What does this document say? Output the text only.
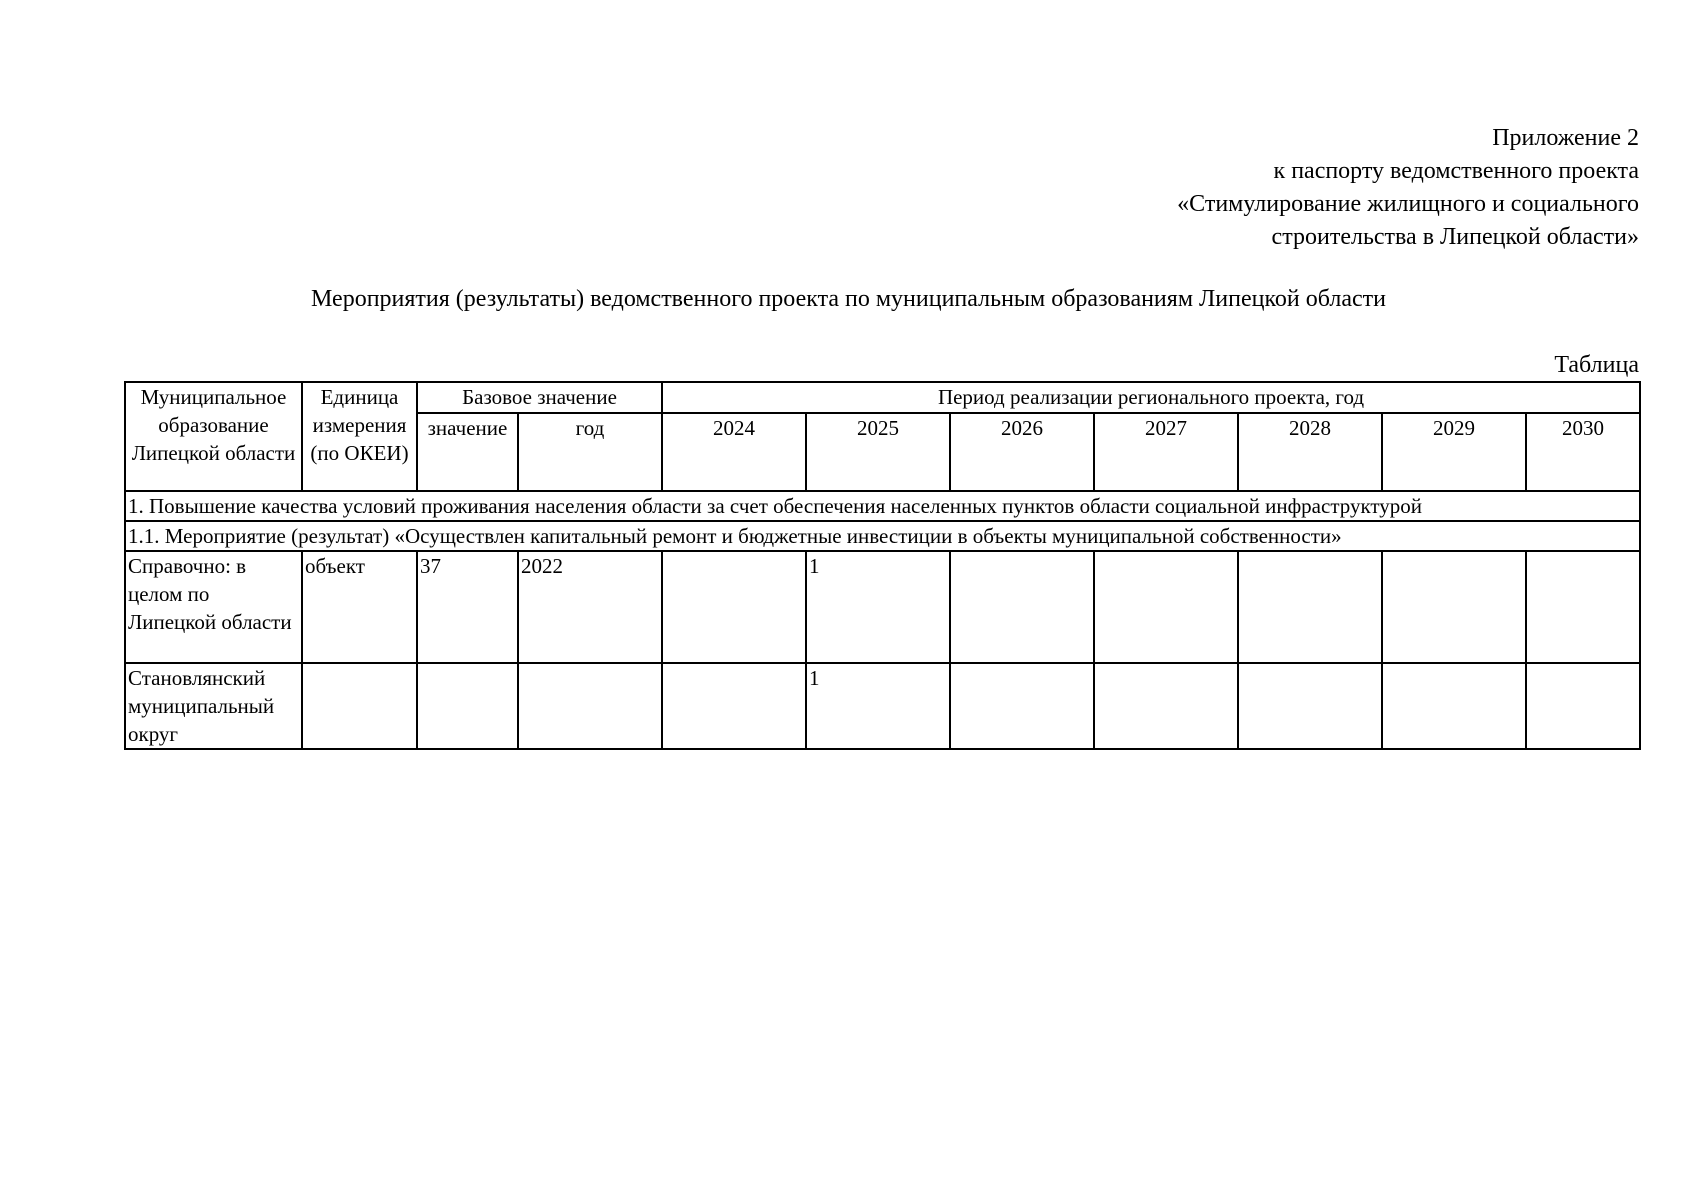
Приложение 2
к паспорту ведомственного проекта
«Стимулирование жилищного и социального
строительства в Липецкой области»
Мероприятия (результаты) ведомственного проекта по муниципальным образованиям Липецкой области
Таблица
Муниципальное образование Липецкой области	Единица измерения (по ОКЕИ)	Базовое значение		Период реализации регионального проекта, год						
		значение	год	2024	2025	2026	2027	2028	2029	2030
1. Повышение качества условий проживания населения области за счет обеспечения населенных пунктов области социальной инфраструктурой										
1.1. Мероприятие (результат) «Осуществлен капитальный ремонт и бюджетные инвестиции в объекты муниципальной собственности»										
Справочно: в целом по Липецкой области	объект	37	2022		1					
Становлянский муниципальный округ					1					
